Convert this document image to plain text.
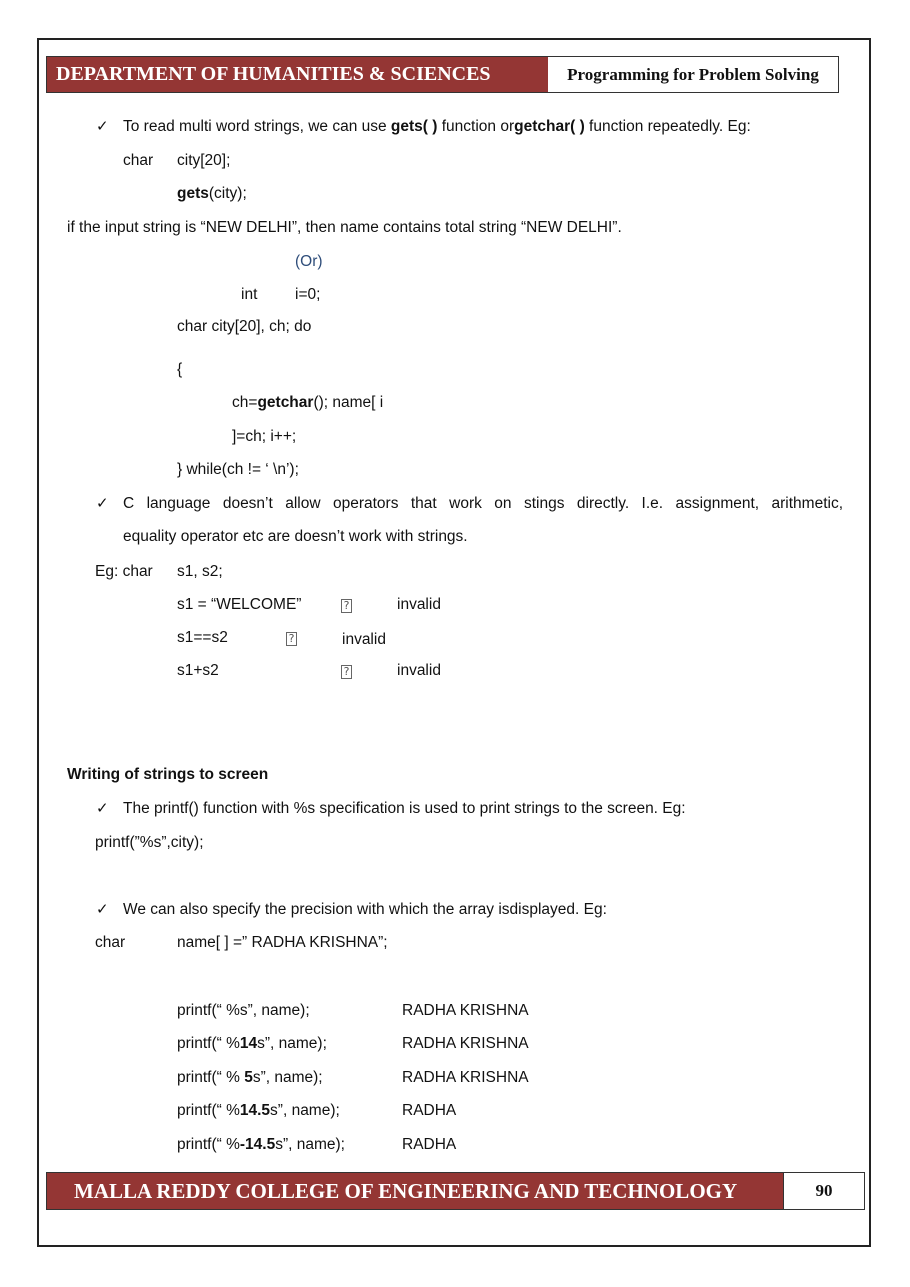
DEPARTMENT OF HUMANITIES & SCIENCES	Programming for Problem Solving
✓ To read multi word strings, we can use gets( ) function orgetchar( ) function repeatedly. Eg:
char city[20];
gets(city);
if the input string is “NEW DELHI”, then name contains total string “NEW DELHI”.
(Or)
int i=0;
char city[20], ch; do
{
ch=getchar(); name[ i
]=ch; i++;
} while(ch != ‘ \n’);
✓ C language doesn’t allow operators that work on stings directly. I.e. assignment, arithmetic,
equality operator etc are doesn’t work with strings.
Eg: char s1, s2;
s1 = “WELCOME”	?	invalid
s1==s2	?	invalid
s1+s2	?	invalid
Writing of strings to screen
✓ The printf() function with %s specification is used to print strings to the screen. Eg:
printf(”%s”,city);
✓ We can also specify the precision with which the array isdisplayed. Eg:
char	name[ ] =” RADHA KRISHNA”;
printf(“ %s”, name);	RADHA KRISHNA
printf(“ %14s”, name);	RADHA KRISHNA
printf(“ % 5s”, name);	RADHA KRISHNA
printf(“ %14.5s”, name);	RADHA
printf(“ %-14.5s”, name);	RADHA
MALLA REDDY COLLEGE OF ENGINEERING AND TECHNOLOGY	90
